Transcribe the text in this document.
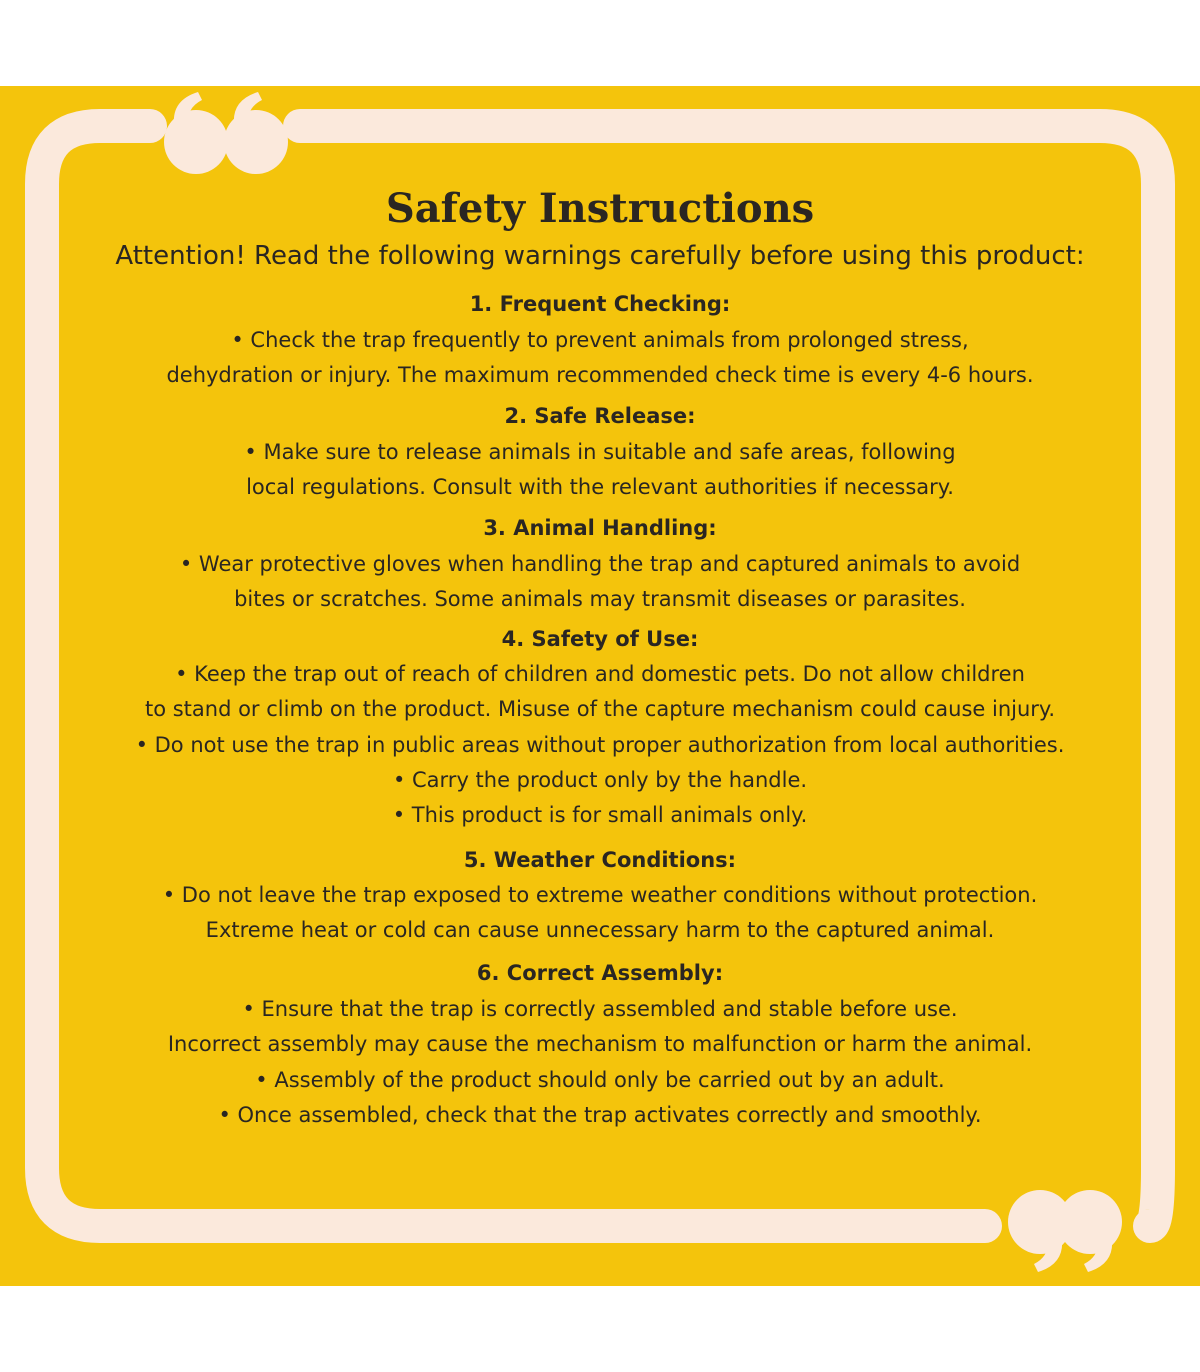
Safety Instructions
Attention! Read the following warnings carefully before using this product:
1. Frequent Checking:
• Check the trap frequently to prevent animals from prolonged stress,
dehydration or injury. The maximum recommended check time is every 4-6 hours.
2. Safe Release:
• Make sure to release animals in suitable and safe areas, following
local regulations. Consult with the relevant authorities if necessary.
3. Animal Handling:
• Wear protective gloves when handling the trap and captured animals to avoid
bites or scratches. Some animals may transmit diseases or parasites.
4. Safety of Use:
• Keep the trap out of reach of children and domestic pets. Do not allow children
to stand or climb on the product. Misuse of the capture mechanism could cause injury.
• Do not use the trap in public areas without proper authorization from local authorities.
• Carry the product only by the handle.
• This product is for small animals only.
5. Weather Conditions:
• Do not leave the trap exposed to extreme weather conditions without protection.
Extreme heat or cold can cause unnecessary harm to the captured animal.
6. Correct Assembly:
• Ensure that the trap is correctly assembled and stable before use.
Incorrect assembly may cause the mechanism to malfunction or harm the animal.
• Assembly of the product should only be carried out by an adult.
• Once assembled, check that the trap activates correctly and smoothly.
